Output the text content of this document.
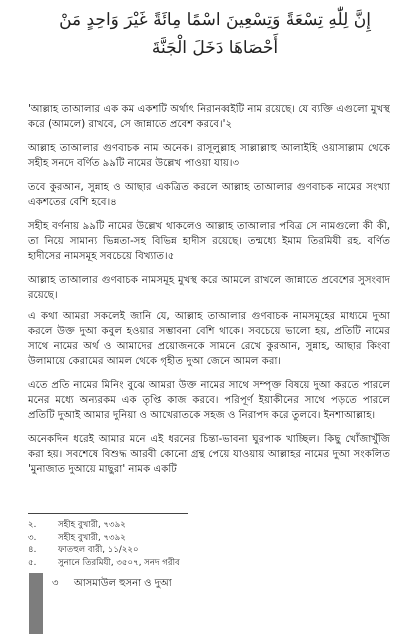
إِنَّ لِلّٰهِ تِسْعَةً وَتِسْعِينَ اسْمًا مِائَةً غَيْرَ وَاحِدٍ مَنْ أَحْصَاهَا دَخَلَ الْجَنَّةَ

'আল্লাহ তাআলার এক কম একশটি অর্থাৎ নিরানব্বইটি নাম রয়েছে। যে ব্যক্তি এগুলো মুখস্থ করে (আমলে) রাখবে, সে জান্নাতে প্রবেশ করবে।'২

আল্লাহ তাআলার গুণবাচক নাম অনেক। রাসূলুল্লাহ সাল্লাল্লাহু আলাইহি ওয়াসাল্লাম থেকে সহীহ সনদে বর্ণিত ৯৯টি নামের উল্লেখ পাওয়া যায়।৩

তবে কুরআন, সুন্নাহ ও আছার একত্রিত করলে আল্লাহ তাআলার গুণবাচক নামের সংখ্যা একশতের বেশি হবে।৪

সহীহ বর্ণনায় ৯৯টি নামের উল্লেখ থাকলেও আল্লাহ তাআলার পবিত্র সে নামগুলো কী কী, তা নিয়ে সামান্য ভিন্নতা-সহ বিভিন্ন হাদীস রয়েছে। তন্মধ্যে ইমাম তিরমিযী রহ. বর্ণিত হাদীসের নামসমূহ সবচেয়ে বিখ্যাত।৫

আল্লাহ তাআলার গুণবাচক নামসমূহ মুখস্থ করে আমলে রাখলে জান্নাতে প্রবেশের সুসংবাদ রয়েছে।

এ কথা আমরা সকলেই জানি যে, আল্লাহ তাআলার গুণবাচক নামসমূহের মাধ্যমে দুআ করলে উক্ত দুআ কবুল হওয়ার সম্ভাবনা বেশি থাকে। সবচেয়ে ভালো হয়, প্রতিটি নামের সাথে নামের অর্থ ও আমাদের প্রয়োজনকে সামনে রেখে কুরআন, সুন্নাহ, আছার কিংবা উলামায়ে কেরামের আমল থেকে গৃহীত দুআ জেনে আমল করা।

এতে প্রতি নামের মিনিং বুঝে আমরা উক্ত নামের সাথে সম্পৃক্ত বিষয়ে দুআ করতে পারলে মনের মধ্যে অন্যরকম এক তৃপ্তি কাজ করবে। পরিপূর্ণ ইয়াকীনের সাথে পড়তে পারলে প্রতিটি দুআই আমার দুনিয়া ও আখেরাতকে সহজ ও নিরাপদ করে তুলবে। ইনশাআল্লাহ।

অনেকদিন ধরেই আমার মনে এই ধরনের চিন্তা-ভাবনা ঘুরপাক খাচ্ছিল। কিছু খোঁজাখুঁজি করা হয়। সবশেষে বিশুদ্ধ আরবী কোনো গ্রন্থ পেয়ে যাওয়ায় আল্লাহর নামের দুআ সংকলিত 'মুনাজাত দুআয়ে মাছুরা' নামক একটি

২.	সহীহ বুখারী, ৭৩৯২
৩.	সহীহ বুখারী, ৭৩৯২
৪.	ফাতহুল বারী, ১১/২২০
৫.	সুনানে তিরমিযী, ৩৫০৭, সনদ গরীব
৩ আসমাউল হুসনা ও দুআ
